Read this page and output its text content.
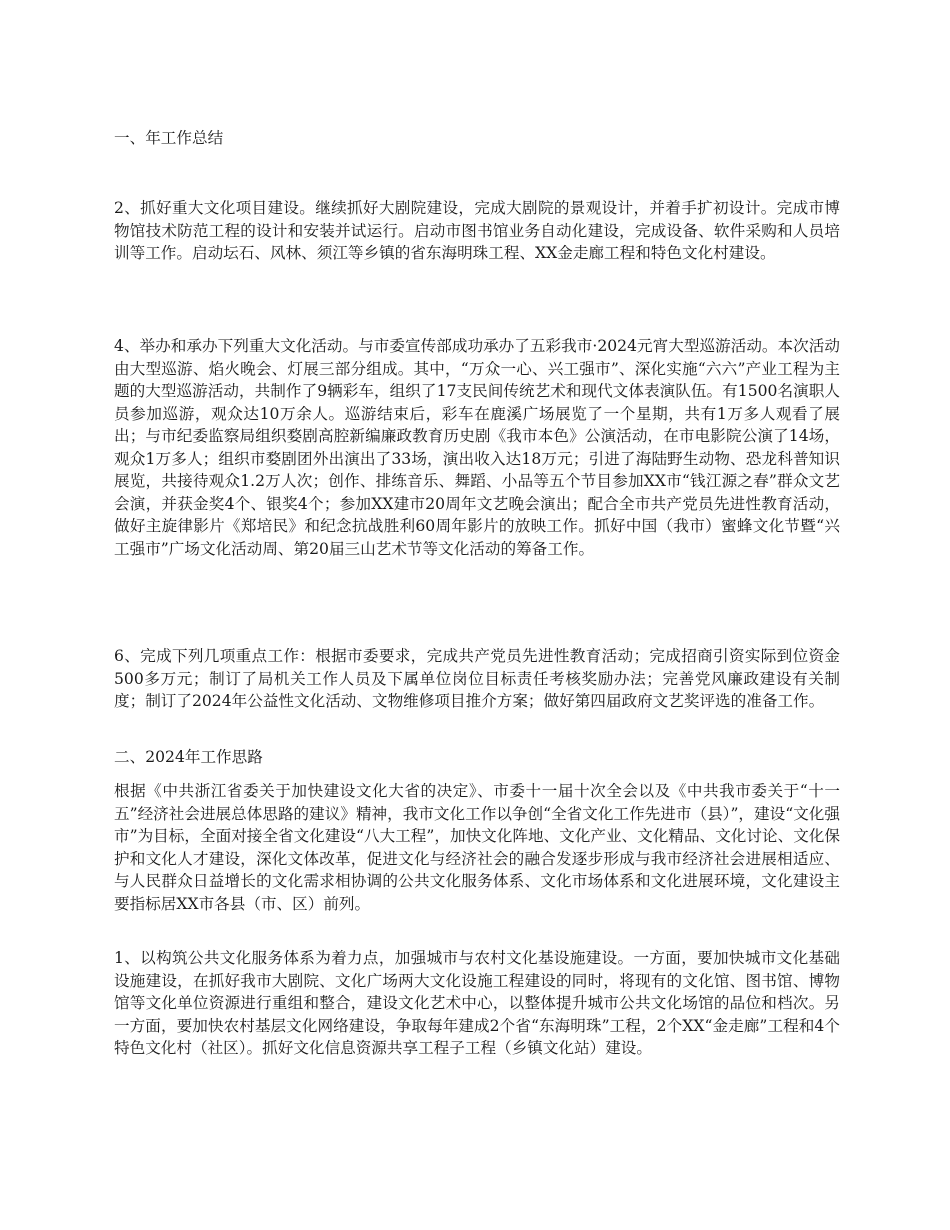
一、年工作总结

2、抓好重大文化项目建设。继续抓好大剧院建设，完成大剧院的景观设计，并着手扩初设计。完成市博物馆技术防范工程的设计和安装并试运行。启动市图书馆业务自动化建设，完成设备、软件采购和人员培训等工作。启动坛石、风林、须江等乡镇的省东海明珠工程、XX金走廊工程和特色文化村建设。

4、举办和承办下列重大文化活动。与市委宣传部成功承办了五彩我市·2024元宵大型巡游活动。本次活动由大型巡游、焰火晚会、灯展三部分组成。其中，“万众一心、兴工强市”、深化实施“六六”产业工程为主题的大型巡游活动，共制作了9辆彩车，组织了17支民间传统艺术和现代文体表演队伍。有1500名演职人员参加巡游，观众达10万余人。巡游结束后，彩车在鹿溪广场展览了一个星期，共有1万多人观看了展出；与市纪委监察局组织婺剧高腔新编廉政教育历史剧《我市本色》公演活动，在市电影院公演了14场，观众1万多人；组织市婺剧团外出演出了33场，演出收入达18万元；引进了海陆野生动物、恐龙科普知识展览，共接待观众1.2万人次；创作、排练音乐、舞蹈、小品等五个节目参加XX市“钱江源之春”群众文艺会演，并获金奖4个、银奖4个；参加XX建市20周年文艺晚会演出；配合全市共产党员先进性教育活动，做好主旋律影片《郑培民》和纪念抗战胜利60周年影片的放映工作。抓好中国（我市）蜜蜂文化节暨“兴工强市”广场文化活动周、第20届三山艺术节等文化活动的筹备工作。

6、完成下列几项重点工作：根据市委要求，完成共产党员先进性教育活动；完成招商引资实际到位资金500多万元；制订了局机关工作人员及下属单位岗位目标责任考核奖励办法；完善党风廉政建设有关制度；制订了2024年公益性文化活动、文物维修项目推介方案；做好第四届政府文艺奖评选的准备工作。

二、2024年工作思路

根据《中共浙江省委关于加快建设文化大省的决定》、市委十一届十次全会以及《中共我市委关于“十一五”经济社会进展总体思路的建议》精神，我市文化工作以争创“全省文化工作先进市（县）”，建设“文化强市”为目标，全面对接全省文化建设“八大工程”，加快文化阵地、文化产业、文化精品、文化讨论、文化保护和文化人才建设，深化文体改革，促进文化与经济社会的融合发逐步形成与我市经济社会进展相适应、与人民群众日益增长的文化需求相协调的公共文化服务体系、文化市场体系和文化进展环境，文化建设主要指标居XX市各县（市、区）前列。

1、以构筑公共文化服务体系为着力点，加强城市与农村文化基设施建设。一方面，要加快城市文化基础设施建设，在抓好我市大剧院、文化广场两大文化设施工程建设的同时，将现有的文化馆、图书馆、博物馆等文化单位资源进行重组和整合，建设文化艺术中心，以整体提升城市公共文化场馆的品位和档次。另一方面，要加快农村基层文化网络建设，争取每年建成2个省“东海明珠”工程，2个XX“金走廊”工程和4个特色文化村（社区）。抓好文化信息资源共享工程子工程（乡镇文化站）建设。
